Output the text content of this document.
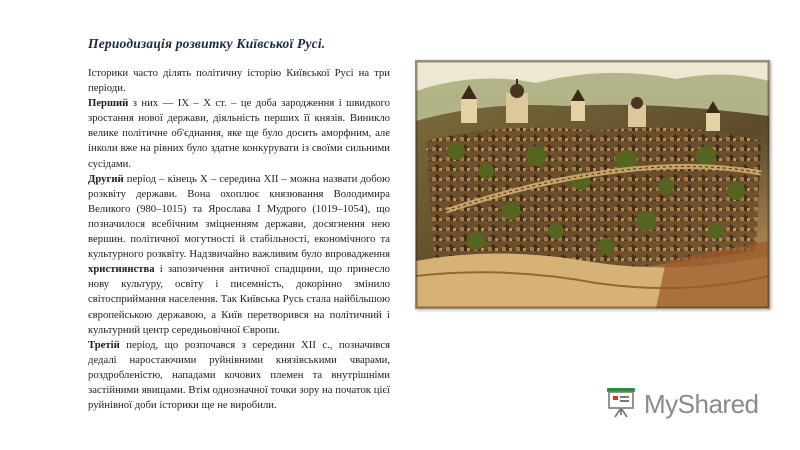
Периодизація розвитку Київської Русі.

Історики часто ділять політичну історію Київської Русі на три періоди.

Перший з них — IX – X ст. – це доба зародження і швидкого зростання нової держави, діяльність перших її князів. Виникло велике політичне об'єднання, яке ще було досить аморфним, але інколи вже на рівних було здатне конкурувати із своїми сильними сусідами.

Другий період – кінець X – середина XII – можна назвати добою розквіту держави. Вона охоплює князювання Володимира Великого (980–1015) та Ярослава I Мудрого (1019–1054), що позначилося всебічним зміцненням держави, досягнення нею вершин. політичної могутності й стабільності, економічного та культурного розквіту. Надзвичайно важливим було впровадження християнства і запозичення античної спадщини, що принесло нову культуру, освіту і писемність, докорінно змінило світосприймання населення. Так Київська Русь стала найбільшою європейською державою, а Київ перетворився на політичний і культурний центр середньовічної Європи.

Третій період, що розпочався з середини XII с., позначився дедалі наростаючими руйнівними князівськими чварами, роздробленістю, нападами кочових племен та внутрішніми застійними явищами. Втім однозначної точки зору на початок цієї руйнівної доби історики ще не виробили.	MyShared
